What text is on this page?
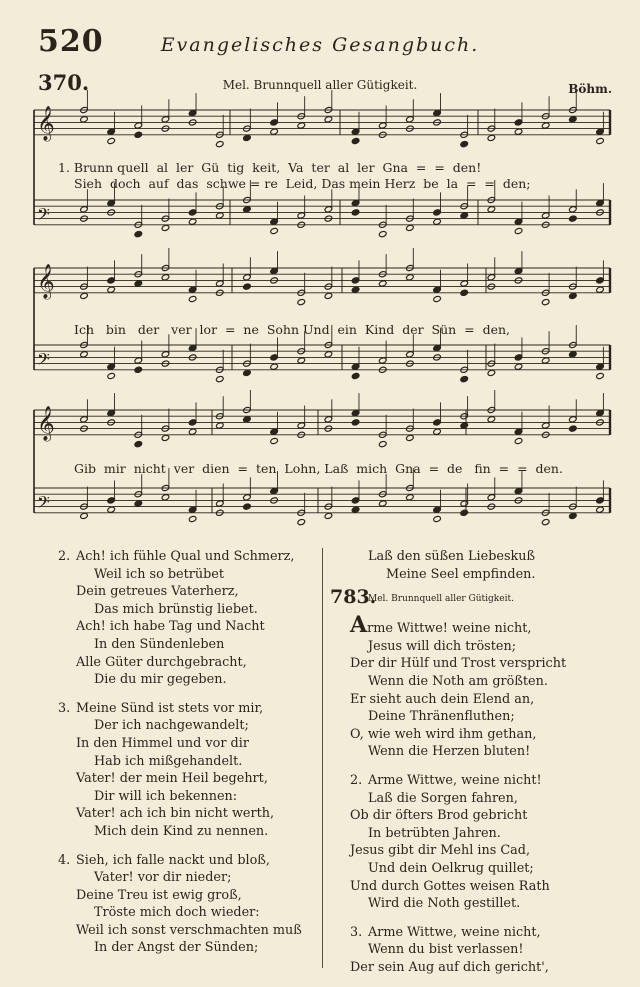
520	Evangelisches Gesangbuch.
370.	Mel. Brunnquell aller Gütigkeit.	Böhm.
𝄞
𝄢
𝄞
𝄢
𝄞
𝄢
1. Brunn quell  al  ler  Gü  tig  keit,  Va  ter  al  ler  Gna  =  =  den!
Sieh  doch  auf  das  schwe = re  Leid, Das mein Herz  be  la  =  =  den;
Ich   bin   der   ver  lor  =  ne  Sohn Und  ein  Kind  der  Sün  =  den,
Gib  mir  nicht  ver  dien  =  ten  Lohn, Laß  mich  Gna  =  de   fin  =  =  den.
2. Ach! ich fühle Qual und Schmerz,
Weil ich so betrübet
Dein getreues Vaterherz,
Das mich brünstig liebet.
Ach! ich habe Tag und Nacht
In den Sündenleben
Alle Güter durchgebracht,
Die du mir gegeben.
3. Meine Sünd ist stets vor mir,
Der ich nachgewandelt;
In den Himmel und vor dir
Hab ich mißgehandelt.
Vater! der mein Heil begehrt,
Dir will ich bekennen:
Vater! ach ich bin nicht werth,
Mich dein Kind zu nennen.
4. Sieh, ich falle nackt und bloß,
Vater! vor dir nieder;
Deine Treu ist ewig groß,
Tröste mich doch wieder:
Weil ich sonst verschmachten muß
In der Angst der Sünden;
Laß den süßen Liebeskuß
Meine Seel empfinden.
Arme Wittwe! weine nicht,
Jesus will dich trösten;
Der dir Hülf und Trost verspricht
Wenn die Noth am größten.
Er sieht auch dein Elend an,
Deine Thränenfluthen;
O, wie weh wird ihm gethan,
Wenn die Herzen bluten!
2. Arme Wittwe, weine nicht!
Laß die Sorgen fahren,
Ob dir öfters Brod gebricht
In betrübten Jahren.
Jesus gibt dir Mehl ins Cad,
Und dein Oelkrug quillet;
Und durch Gottes weisen Rath
Wird die Noth gestillet.
3. Arme Wittwe, weine nicht,
Wenn du bist verlassen!
Der sein Aug auf dich gericht',
783.
Mel. Brunnquell aller Gütigkeit.
